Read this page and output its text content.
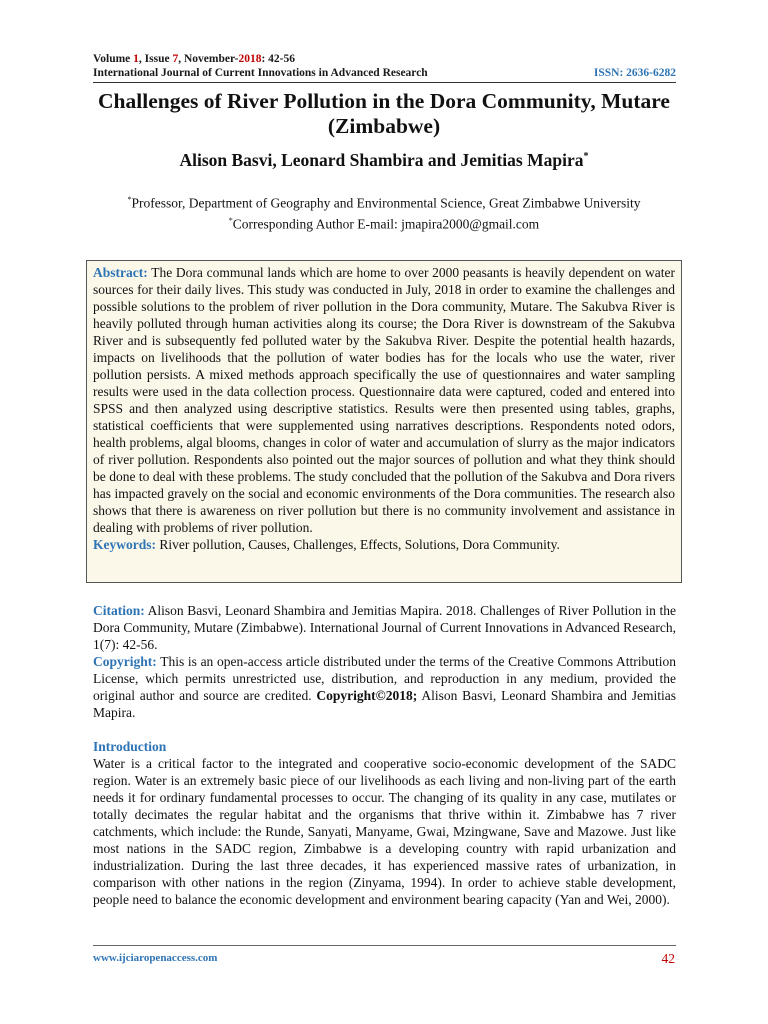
Volume 1, Issue 7, November-2018: 42-56
International Journal of Current Innovations in Advanced Research	ISSN: 2636-6282
Challenges of River Pollution in the Dora Community, Mutare (Zimbabwe)
Alison Basvi, Leonard Shambira and Jemitias Mapira*
*Professor, Department of Geography and Environmental Science, Great Zimbabwe University
*Corresponding Author E-mail: jmapira2000@gmail.com
Abstract: The Dora communal lands which are home to over 2000 peasants is heavily dependent on water sources for their daily lives. This study was conducted in July, 2018 in order to examine the challenges and possible solutions to the problem of river pollution in the Dora community, Mutare. The Sakubva River is heavily polluted through human activities along its course; the Dora River is downstream of the Sakubva River and is subsequently fed polluted water by the Sakubva River. Despite the potential health hazards, impacts on livelihoods that the pollution of water bodies has for the locals who use the water, river pollution persists. A mixed methods approach specifically the use of questionnaires and water sampling results were used in the data collection process. Questionnaire data were captured, coded and entered into SPSS and then analyzed using descriptive statistics. Results were then presented using tables, graphs, statistical coefficients that were supplemented using narratives descriptions. Respondents noted odors, health problems, algal blooms, changes in color of water and accumulation of slurry as the major indicators of river pollution. Respondents also pointed out the major sources of pollution and what they think should be done to deal with these problems. The study concluded that the pollution of the Sakubva and Dora rivers has impacted gravely on the social and economic environments of the Dora communities. The research also shows that there is awareness on river pollution but there is no community involvement and assistance in dealing with problems of river pollution.
Keywords: River pollution, Causes, Challenges, Effects, Solutions, Dora Community.
Citation: Alison Basvi, Leonard Shambira and Jemitias Mapira. 2018. Challenges of River Pollution in the Dora Community, Mutare (Zimbabwe). International Journal of Current Innovations in Advanced Research, 1(7): 42-56.
Copyright: This is an open-access article distributed under the terms of the Creative Commons Attribution License, which permits unrestricted use, distribution, and reproduction in any medium, provided the original author and source are credited. Copyright©2018; Alison Basvi, Leonard Shambira and Jemitias Mapira.
Introduction
Water is a critical factor to the integrated and cooperative socio-economic development of the SADC region. Water is an extremely basic piece of our livelihoods as each living and non-living part of the earth needs it for ordinary fundamental processes to occur. The changing of its quality in any case, mutilates or totally decimates the regular habitat and the organisms that thrive within it. Zimbabwe has 7 river catchments, which include: the Runde, Sanyati, Manyame, Gwai, Mzingwane, Save and Mazowe. Just like most nations in the SADC region, Zimbabwe is a developing country with rapid urbanization and industrialization. During the last three decades, it has experienced massive rates of urbanization, in comparison with other nations in the region (Zinyama, 1994). In order to achieve stable development, people need to balance the economic development and environment bearing capacity (Yan and Wei, 2000).
www.ijciaropenaccess.com	42
